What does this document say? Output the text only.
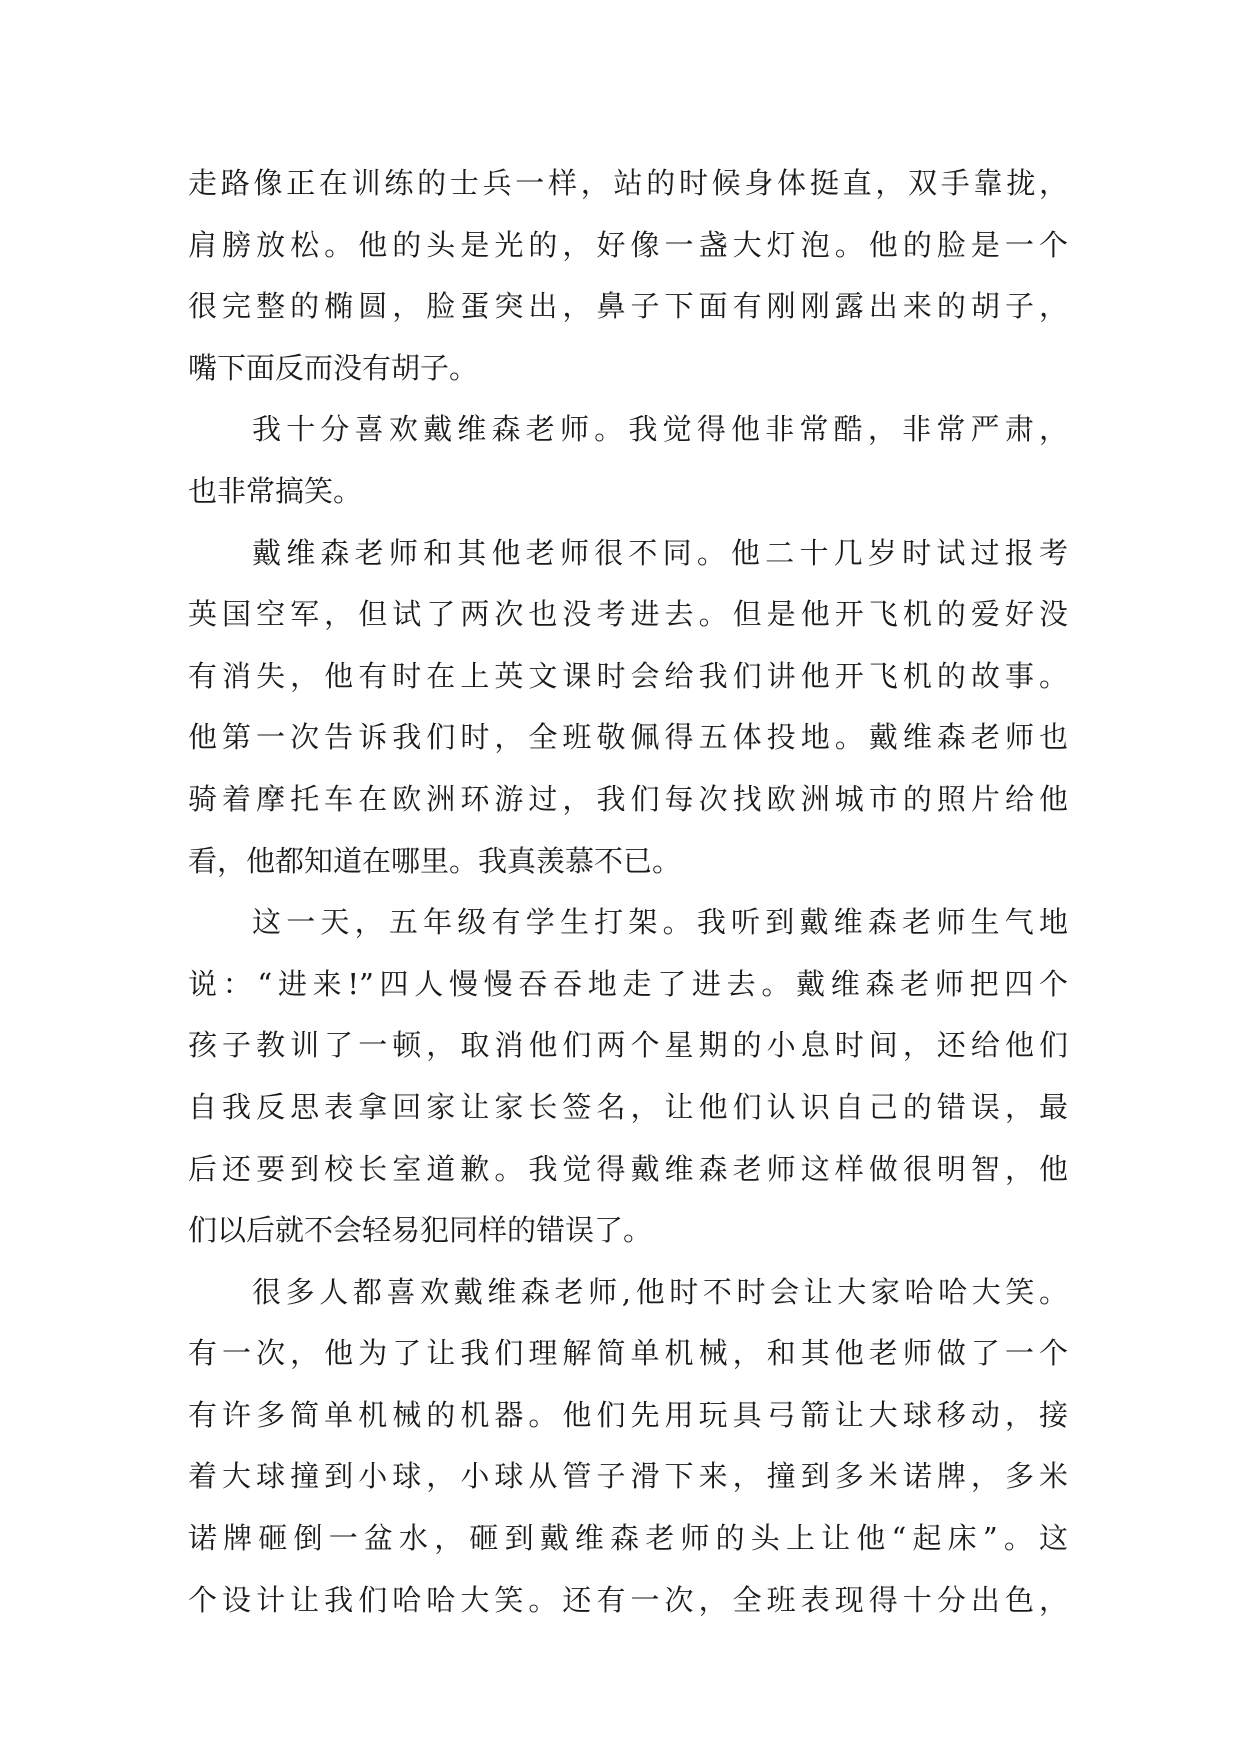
走路像正在训练的士兵一样，站的时候身体挺直，双手靠拢，
肩膀放松。他的头是光的，好像一盏大灯泡。他的脸是一个
很完整的椭圆，脸蛋突出，鼻子下面有刚刚露出来的胡子，
嘴下面反而没有胡子。
我十分喜欢戴维森老师。我觉得他非常酷，非常严肃，
也非常搞笑。
戴维森老师和其他老师很不同。他二十几岁时试过报考
英国空军，但试了两次也没考进去。但是他开飞机的爱好没
有消失，他有时在上英文课时会给我们讲他开飞机的故事。
他第一次告诉我们时，全班敬佩得五体投地。戴维森老师也
骑着摩托车在欧洲环游过，我们每次找欧洲城市的照片给他
看，他都知道在哪里。我真羡慕不已。
这一天，五年级有学生打架。我听到戴维森老师生气地
说：“进来!”四人慢慢吞吞地走了进去。戴维森老师把四个
孩子教训了一顿，取消他们两个星期的小息时间，还给他们
自我反思表拿回家让家长签名，让他们认识自己的错误，最
后还要到校长室道歉。我觉得戴维森老师这样做很明智，他
们以后就不会轻易犯同样的错误了。
很多人都喜欢戴维森老师,他时不时会让大家哈哈大笑。
有一次，他为了让我们理解简单机械，和其他老师做了一个
有许多简单机械的机器。他们先用玩具弓箭让大球移动，接
着大球撞到小球，小球从管子滑下来，撞到多米诺牌，多米
诺牌砸倒一盆水，砸到戴维森老师的头上让他“起床”。这
个设计让我们哈哈大笑。还有一次，全班表现得十分出色，
